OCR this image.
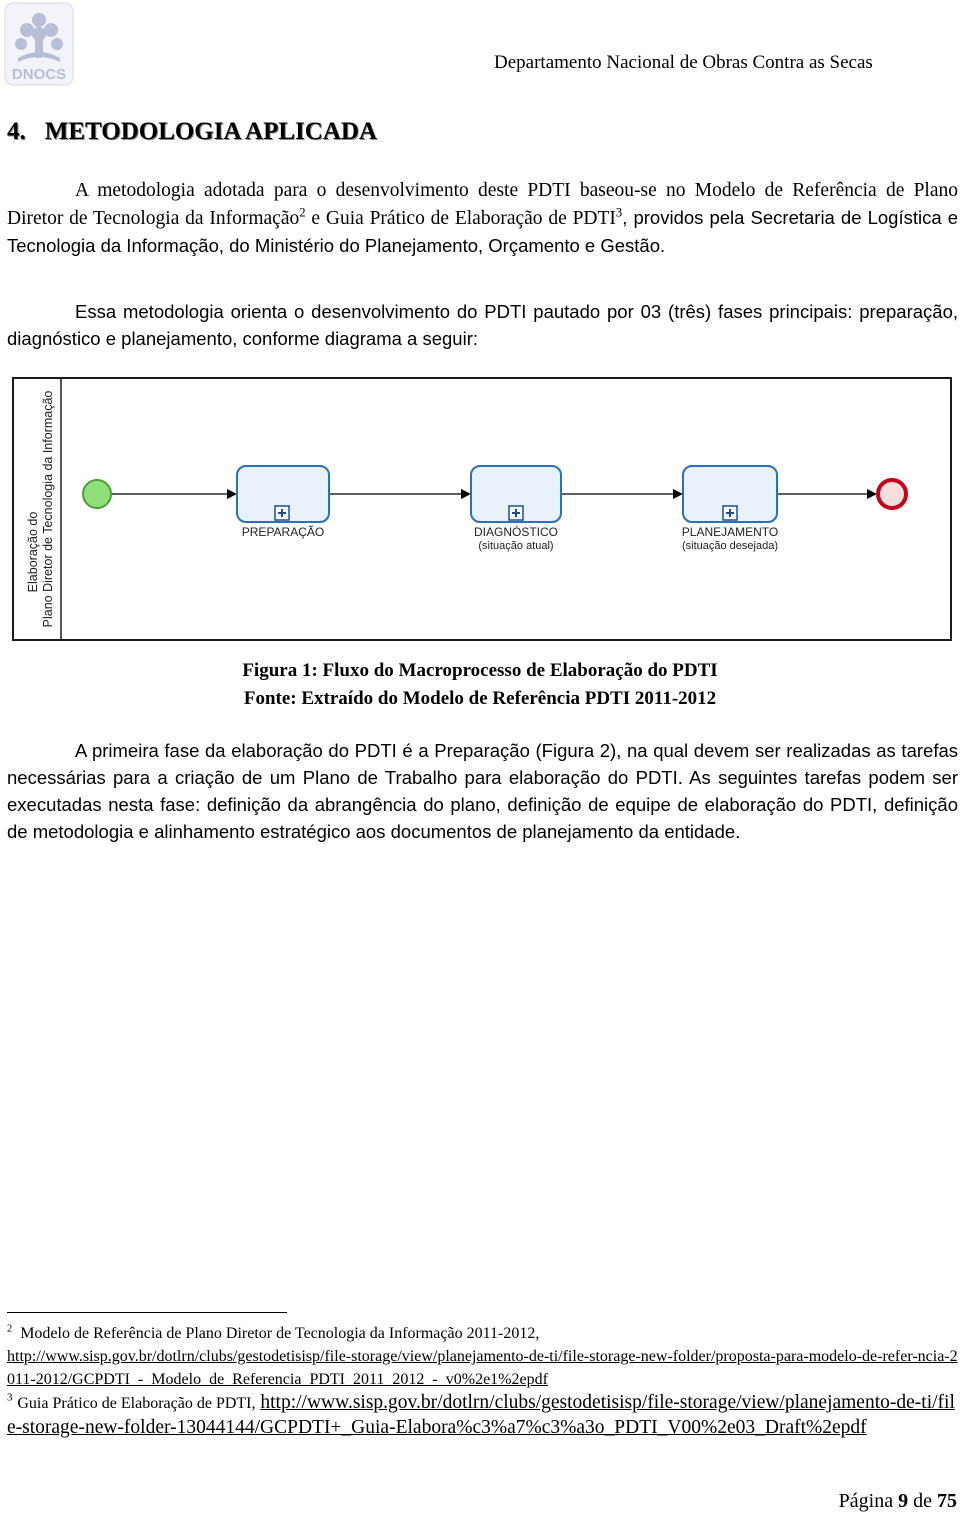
DNOCS
Departamento Nacional de Obras Contra as Secas
4. METODOLOGIA APLICADA

A metodologia adotada para o desenvolvimento deste PDTI baseou-se no Modelo de Referência de Plano Diretor de Tecnologia da Informação$^2$ e Guia Prático de Elaboração de PDTI$^3$, providos pela Secretaria de Logística e Tecnologia da Informação, do Ministério do Planejamento, Orçamento e Gestão.

Essa metodologia orienta o desenvolvimento do PDTI pautado por 03 (três) fases principais: preparação, diagnóstico e planejamento, conforme diagrama a seguir:

Elaboração do Plano Diretor de Tecnologia da Informação	PREPARAÇÃO	DIAGNÓSTICO
(situação atual)
PLANEJAMENTO
(situação desejada)
Figura 1: Fluxo do Macroprocesso de Elaboração do PDTI
Fonte: Extraído do Modelo de Referência PDTI 2011-2012

A primeira fase da elaboração do PDTI é a Preparação (Figura 2), na qual devem ser realizadas as tarefas necessárias para a criação de um Plano de Trabalho para elaboração do PDTI. As seguintes tarefas podem ser executadas nesta fase: definição da abrangência do plano, definição de equipe de elaboração do PDTI, definição de metodologia e alinhamento estratégico aos documentos de planejamento da entidade.

$^2$ Modelo de Referência de Plano Diretor de Tecnologia da Informação 2011-2012,
http://www.sisp.gov.br/dotlrn/clubs/gestodetisisp/file-storage/view/planejamento-de-ti/file-storage-new-folder/proposta-para-modelo-de-refer-ncia-2011-2012/GCPDTI_-_Modelo_de_Referencia_PDTI_2011_2012_-_v0%2e1%2epdf
$^3$ Guia Prático de Elaboração de PDTI, http://www.sisp.gov.br/dotlrn/clubs/gestodetisisp/file-storage/view/planejamento-de-ti/file-storage-new-folder-13044144/GCPDTI+_Guia-Elabora%c3%a7%c3%a3o_PDTI_V00%2e03_Draft%2epdf
Página 9 de 75
